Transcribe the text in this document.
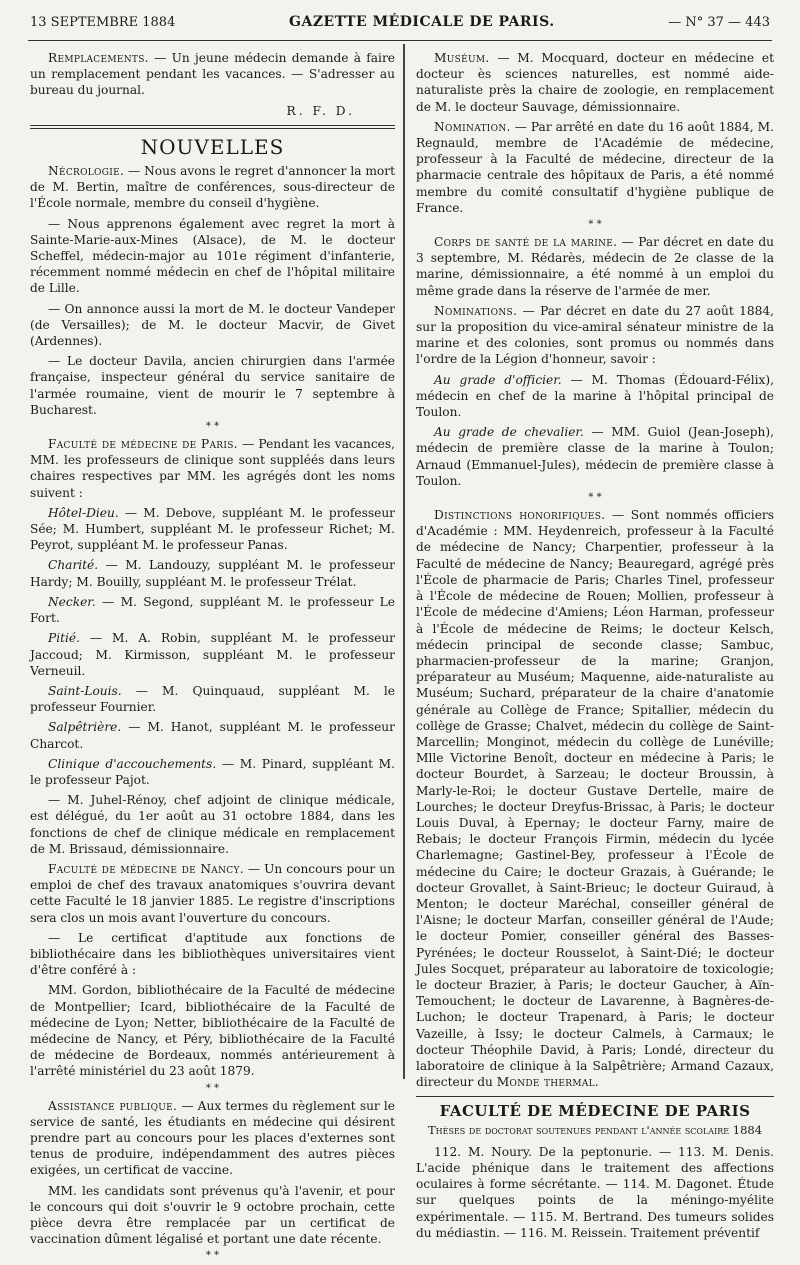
13 SEPTEMBRE 1884	GAZETTE MÉDICALE DE PARIS.	— N° 37 — 443

Remplacements. — Un jeune médecin demande à faire un remplacement pendant les vacances. — S'adresser au bureau du journal.

R. F. D.

NOUVELLES

Nécrologie. — Nous avons le regret d'annoncer la mort de M. Bertin, maître de conférences, sous-directeur de l'École normale, membre du conseil d'hygiène.

— Nous apprenons également avec regret la mort à Sainte-Marie-aux-Mines (Alsace), de M. le docteur Scheffel, médecin-major au 101e régiment d'infanterie, récemment nommé médecin en chef de l'hôpital militaire de Lille.

— On annonce aussi la mort de M. le docteur Vandeper (de Versailles); de M. le docteur Macvir, de Givet (Ardennes).

— Le docteur Davila, ancien chirurgien dans l'armée française, inspecteur général du service sanitaire de l'armée roumaine, vient de mourir le 7 septembre à Bucharest.

* *

Faculté de médecine de Paris. — Pendant les vacances, MM. les professeurs de clinique sont suppléés dans leurs chaires respectives par MM. les agrégés dont les noms suivent :

Hôtel-Dieu. — M. Debove, suppléant M. le professeur Sée; M. Humbert, suppléant M. le professeur Richet; M. Peyrot, suppléant M. le professeur Panas.

Charité. — M. Landouzy, suppléant M. le professeur Hardy; M. Bouilly, suppléant M. le professeur Trélat.

Necker. — M. Segond, suppléant M. le professeur Le Fort.

Pitié. — M. A. Robin, suppléant M. le professeur Jaccoud; M. Kirmisson, suppléant M. le professeur Verneuil.

Saint-Louis. — M. Quinquaud, suppléant M. le professeur Fournier.

Salpêtrière. — M. Hanot, suppléant M. le professeur Charcot.

Clinique d'accouchements. — M. Pinard, suppléant M. le professeur Pajot.

— M. Juhel-Rénoy, chef adjoint de clinique médicale, est délégué, du 1er août au 31 octobre 1884, dans les fonctions de chef de clinique médicale en remplacement de M. Brissaud, démissionnaire.

Faculté de médecine de Nancy. — Un concours pour un emploi de chef des travaux anatomiques s'ouvrira devant cette Faculté le 18 janvier 1885. Le registre d'inscriptions sera clos un mois avant l'ouverture du concours.

— Le certificat d'aptitude aux fonctions de bibliothécaire dans les bibliothèques universitaires vient d'être conféré à :

MM. Gordon, bibliothécaire de la Faculté de médecine de Montpellier; Icard, bibliothécaire de la Faculté de médecine de Lyon; Netter, bibliothécaire de la Faculté de médecine de Nancy, et Péry, bibliothécaire de la Faculté de médecine de Bordeaux, nommés antérieurement à l'arrêté ministériel du 23 août 1879.

* *

Assistance publique. — Aux termes du règlement sur le service de santé, les étudiants en médecine qui désirent prendre part au concours pour les places d'externes sont tenus de produire, indépendamment des autres pièces exigées, un certificat de vaccine.

MM. les candidats sont prévenus qu'à l'avenir, et pour le concours qui doit s'ouvrir le 9 octobre prochain, cette pièce devra être remplacée par un certificat de vaccination dûment légalisé et portant une date récente.

* *

Muséum. — M. Mocquard, docteur en médecine et docteur ès sciences naturelles, est nommé aide-naturaliste près la chaire de zoologie, en remplacement de M. le docteur Sauvage, démissionnaire.

Nomination. — Par arrêté en date du 16 août 1884, M. Regnauld, membre de l'Académie de médecine, professeur à la Faculté de médecine, directeur de la pharmacie centrale des hôpitaux de Paris, a été nommé membre du comité consultatif d'hygiène publique de France.

* *

Corps de santé de la marine. — Par décret en date du 3 septembre, M. Rédarès, médecin de 2e classe de la marine, démissionnaire, a été nommé à un emploi du même grade dans la réserve de l'armée de mer.

Nominations. — Par décret en date du 27 août 1884, sur la proposition du vice-amiral sénateur ministre de la marine et des colonies, sont promus ou nommés dans l'ordre de la Légion d'honneur, savoir :

Au grade d'officier. — M. Thomas (Édouard-Félix), médecin en chef de la marine à l'hôpital principal de Toulon.

Au grade de chevalier. — MM. Guiol (Jean-Joseph), médecin de première classe de la marine à Toulon; Arnaud (Emmanuel-Jules), médecin de première classe à Toulon.

* *

Distinctions honorifiques. — Sont nommés officiers d'Académie : MM. Heydenreich, professeur à la Faculté de médecine de Nancy; Charpentier, professeur à la Faculté de médecine de Nancy; Beauregard, agrégé près l'École de pharmacie de Paris; Charles Tinel, professeur à l'École de médecine de Rouen; Mollien, professeur à l'École de médecine d'Amiens; Léon Harman, professeur à l'École de médecine de Reims; le docteur Kelsch, médecin principal de seconde classe; Sambuc, pharmacien-professeur de la marine; Granjon, préparateur au Muséum; Maquenne, aide-naturaliste au Muséum; Suchard, préparateur de la chaire d'anatomie générale au Collège de France; Spitallier, médecin du collège de Grasse; Chalvet, médecin du collège de Saint-Marcellin; Monginot, médecin du collège de Lunéville; Mlle Victorine Benoît, docteur en médecine à Paris; le docteur Bourdet, à Sarzeau; le docteur Broussin, à Marly-le-Roi; le docteur Gustave Dertelle, maire de Lourches; le docteur Dreyfus-Brissac, à Paris; le docteur Louis Duval, à Epernay; le docteur Farny, maire de Rebais; le docteur François Firmin, médecin du lycée Charlemagne; Gastinel-Bey, professeur à l'École de médecine du Caire; le docteur Grazais, à Guérande; le docteur Grovallet, à Saint-Brieuc; le docteur Guiraud, à Menton; le docteur Maréchal, conseiller général de l'Aisne; le docteur Marfan, conseiller général de l'Aude; le docteur Pomier, conseiller général des Basses-Pyrénées; le docteur Rousselot, à Saint-Dié; le docteur Jules Socquet, préparateur au laboratoire de toxicologie; le docteur Brazier, à Paris; le docteur Gaucher, à Aïn-Temouchent; le docteur de Lavarenne, à Bagnères-de-Luchon; le docteur Trapenard, à Paris; le docteur Vazeille, à Issy; le docteur Calmels, à Carmaux; le docteur Théophile David, à Paris; Londé, directeur du laboratoire de clinique à la Salpêtrière; Armand Cazaux, directeur du Monde thermal.

FACULTÉ DE MÉDECINE DE PARIS
Thèses de doctorat soutenues pendant l'année scolaire 1884

112. M. Noury. De la peptonurie. — 113. M. Denis. L'acide phénique dans le traitement des affections oculaires à forme sécrétante. — 114. M. Dagonet. Étude sur quelques points de la méningo-myélite expérimentale. — 115. M. Bertrand. Des tumeurs solides du médiastin. — 116. M. Reissein. Traitement préventif
